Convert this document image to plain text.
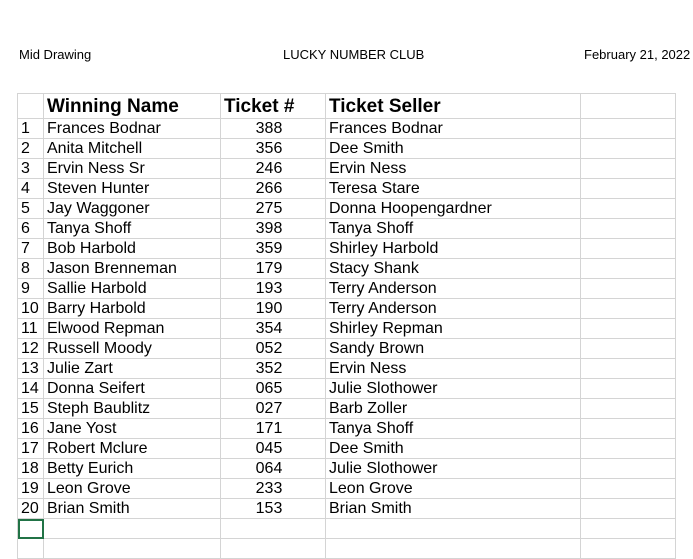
Mid Drawing	LUCKY NUMBER CLUB	February 21, 2022
	Winning Name	Ticket #	Ticket Seller	
1	Frances Bodnar	388	Frances Bodnar	
2	Anita Mitchell	356	Dee Smith	
3	Ervin Ness Sr	246	Ervin Ness	
4	Steven Hunter	266	Teresa Stare	
5	Jay Waggoner	275	Donna Hoopengardner	
6	Tanya Shoff	398	Tanya Shoff	
7	Bob Harbold	359	Shirley Harbold	
8	Jason Brenneman	179	Stacy Shank	
9	Sallie Harbold	193	Terry Anderson	
10	Barry Harbold	190	Terry Anderson	
11	Elwood Repman	354	Shirley Repman	
12	Russell Moody	052	Sandy Brown	
13	Julie Zart	352	Ervin Ness	
14	Donna Seifert	065	Julie Slothower	
15	Steph Baublitz	027	Barb Zoller	
16	Jane Yost	171	Tanya Shoff	
17	Robert Mclure	045	Dee Smith	
18	Betty Eurich	064	Julie Slothower	
19	Leon Grove	233	Leon Grove	
20	Brian Smith	153	Brian Smith	
